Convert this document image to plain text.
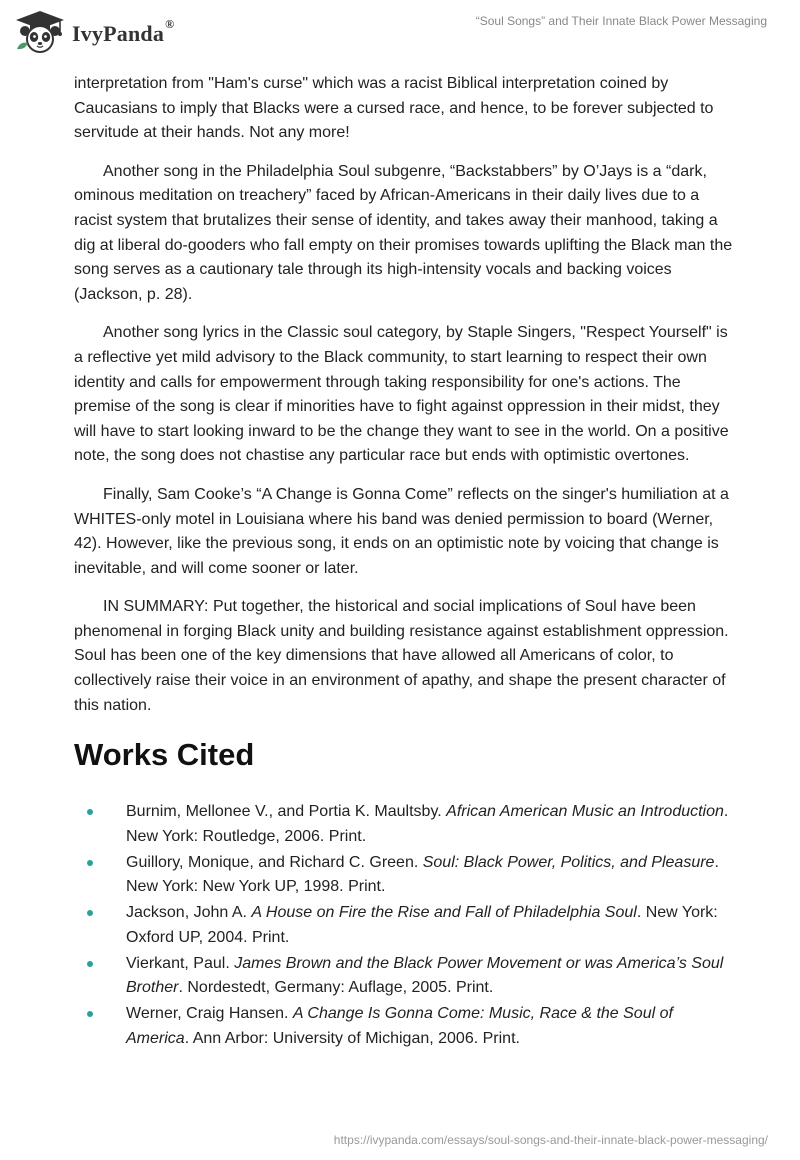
IvyPanda®	“Soul Songs” and Their Innate Black Power Messaging

interpretation from "Ham's curse" which was a racist Biblical interpretation coined by Caucasians to imply that Blacks were a cursed race, and hence, to be forever subjected to servitude at their hands. Not any more!

Another song in the Philadelphia Soul subgenre, “Backstabbers” by O’Jays is a “dark, ominous meditation on treachery” faced by African-Americans in their daily lives due to a racist system that brutalizes their sense of identity, and takes away their manhood, taking a dig at liberal do-gooders who fall empty on their promises towards uplifting the Black man the song serves as a cautionary tale through its high-intensity vocals and backing voices (Jackson, p. 28).

Another song lyrics in the Classic soul category, by Staple Singers, "Respect Yourself" is a reflective yet mild advisory to the Black community, to start learning to respect their own identity and calls for empowerment through taking responsibility for one's actions. The premise of the song is clear if minorities have to fight against oppression in their midst, they will have to start looking inward to be the change they want to see in the world. On a positive note, the song does not chastise any particular race but ends with optimistic overtones.

Finally, Sam Cooke’s “A Change is Gonna Come” reflects on the singer's humiliation at a WHITES-only motel in Louisiana where his band was denied permission to board (Werner, 42). However, like the previous song, it ends on an optimistic note by voicing that change is inevitable, and will come sooner or later.

IN SUMMARY: Put together, the historical and social implications of Soul have been phenomenal in forging Black unity and building resistance against establishment oppression. Soul has been one of the key dimensions that have allowed all Americans of color, to collectively raise their voice in an environment of apathy, and shape the present character of this nation.

Works Cited
Burnim, Mellonee V., and Portia K. Maultsby. African American Music an Introduction. New York: Routledge, 2006. Print.
Guillory, Monique, and Richard C. Green. Soul: Black Power, Politics, and Pleasure. New York: New York UP, 1998. Print.
Jackson, John A. A House on Fire the Rise and Fall of Philadelphia Soul. New York: Oxford UP, 2004. Print.
Vierkant, Paul. James Brown and the Black Power Movement or was America’s Soul Brother. Nordestedt, Germany: Auflage, 2005. Print.
Werner, Craig Hansen. A Change Is Gonna Come: Music, Race & the Soul of America. Ann Arbor: University of Michigan, 2006. Print.
https://ivypanda.com/essays/soul-songs-and-their-innate-black-power-messaging/
